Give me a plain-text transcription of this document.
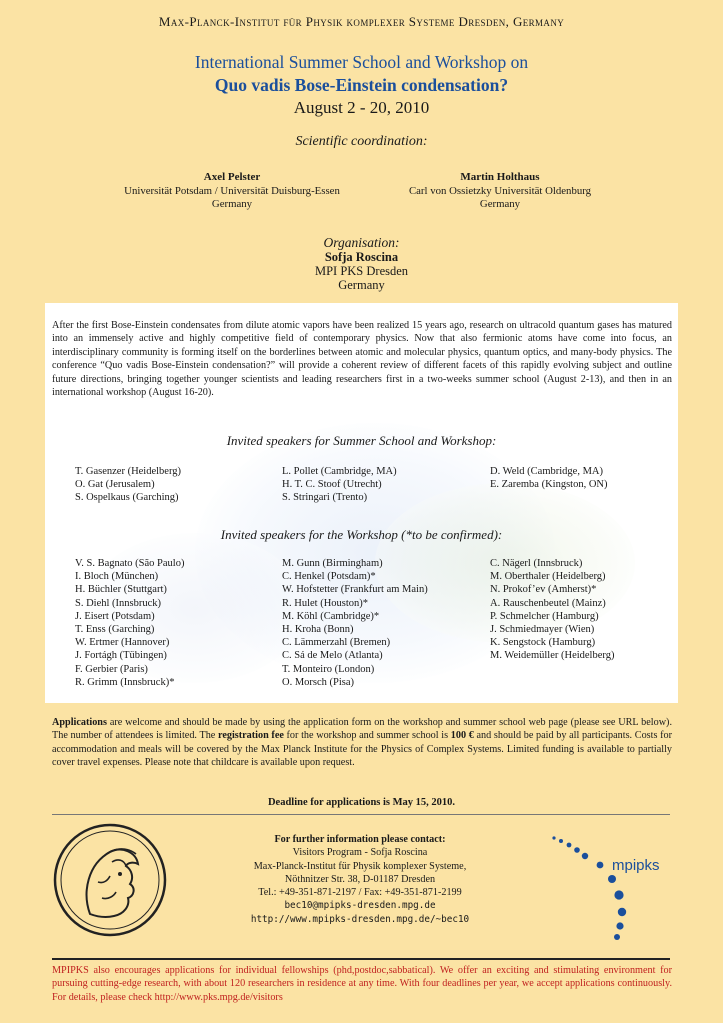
Max-Planck-Institut für Physik komplexer Systeme Dresden, Germany
International Summer School and Workshop on
Quo vadis Bose-Einstein condensation?
August 2 - 20, 2010
Scientific coordination:
Axel Pelster
Universität Potsdam / Universität Duisburg-Essen
Germany
Martin Holthaus
Carl von Ossietzky Universität Oldenburg
Germany
Organisation:
Sofja Roscina
MPI PKS Dresden
Germany
After the first Bose-Einstein condensates from dilute atomic vapors have been realized 15 years ago, research on ultracold quantum gases has matured into an immensely active and highly competitive field of contemporary physics. Now that also fermionic atoms have come into focus, an interdisciplinary community is forming itself on the borderlines between atomic and molecular physics, quantum optics, and many-body physics. The conference “Quo vadis Bose-Einstein condensation?” will provide a coherent review of different facets of this rapidly evolving subject and outline future directions, bringing together younger scientists and leading researchers first in a two-weeks summer school (August 2-13), and then in an international workshop (August 16-20).
Invited speakers for Summer School and Workshop:
T. Gasenzer (Heidelberg)
O. Gat (Jerusalem)
S. Ospelkaus (Garching)
L. Pollet (Cambridge, MA)
H. T. C. Stoof (Utrecht)
S. Stringari (Trento)
D. Weld (Cambridge, MA)
E. Zaremba (Kingston, ON)
Invited speakers for the Workshop (*to be confirmed):
V. S. Bagnato (São Paulo)
I. Bloch (München)
H. Büchler (Stuttgart)
S. Diehl (Innsbruck)
J. Eisert (Potsdam)
T. Enss (Garching)
W. Ertmer (Hannover)
J. Fortágh (Tübingen)
F. Gerbier (Paris)
R. Grimm (Innsbruck)*
M. Gunn (Birmingham)
C. Henkel (Potsdam)*
W. Hofstetter (Frankfurt am Main)
R. Hulet (Houston)*
M. Köhl (Cambridge)*
H. Kroha (Bonn)
C. Lämmerzahl (Bremen)
C. Sá de Melo (Atlanta)
T. Monteiro (London)
O. Morsch (Pisa)
C. Nägerl (Innsbruck)
M. Oberthaler (Heidelberg)
N. Prokof’ev (Amherst)*
A. Rauschenbeutel (Mainz)
P. Schmelcher (Hamburg)
J. Schmiedmayer (Wien)
K. Sengstock (Hamburg)
M. Weidemüller (Heidelberg)
Applications are welcome and should be made by using the application form on the workshop and summer school web page (please see URL below). The number of attendees is limited. The registration fee for the workshop and summer school is 100 € and should be paid by all participants. Costs for accommodation and meals will be covered by the Max Planck Institute for the Physics of Complex Systems. Limited funding is available to partially cover travel expenses. Please note that childcare is available upon request.
Deadline for applications is May 15, 2010.
For further information please contact:
Visitors Program - Sofja Roscina
Max-Planck-Institut für Physik komplexer Systeme,
Nöthnitzer Str. 38, D-01187 Dresden
Tel.: +49-351-871-2197 / Fax: +49-351-871-2199
bec10@mpipks-dresden.mpg.de
http://www.mpipks-dresden.mpg.de/~bec10
mpipks
MPIPKS also encourages applications for individual fellowships (phd,postdoc,sabbatical). We offer an exciting and stimulating environment for pursuing cutting-edge research, with about 120 researchers in residence at any time. With four deadlines per year, we accept applications continuously. For details, please check http://www.pks.mpg.de/visitors
